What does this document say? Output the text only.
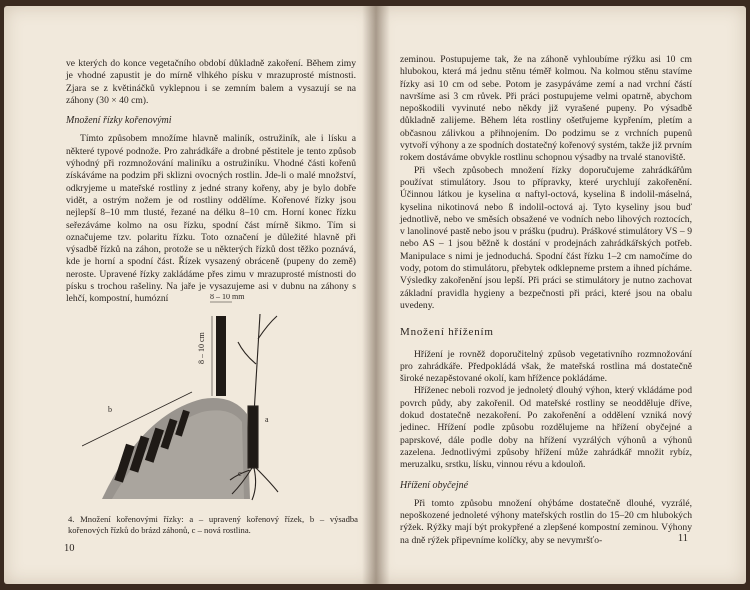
ve kterých do konce vegetačního období důkladně zakoření. Během zimy je vhodné zapustit je do mírně vlhkého písku v mrazuprosté místnosti. Zjara se z květináčků vyklepnou i se zemním balem a vysazují se na záhony (30 × 40 cm).

Množení řízky kořenovými

Tímto způsobem množíme hlavně maliník, ostružiník, ale i lísku a některé typové podnože. Pro zahrádkáře a drobné pěstitele je tento způsob výhodný při rozmnožování maliníku a ostružiníku. Vhodné části kořenů získáváme na podzim při sklizni ovocných rostlin. Jde-li o malé množství, odkryjeme u mateřské rostliny z jedné strany kořeny, aby je bylo dobře vidět, a ostrým nožem je od rostliny oddělíme. Kořenové řízky jsou nejlepší 8–10 mm tlusté, řezané na délku 8–10 cm. Horní konec řízku seřezáváme kolmo na osu řízku, spodní část mírně šikmo. Tím si označujeme tzv. polaritu řízku. Toto označení je důležité hlavně při výsadbě řízků na záhon, protože se u některých řízků dost těžko poznává, kde je horní a spodní část. Řízek vysazený obráceně (pupeny do země) neroste. Upravené řízky zakládáme přes zimu v mrazuprosté místnosti do písku s trochou rašeliny. Na jaře je vysazujeme asi v dubnu na záhony s lehčí, kompostní, humózní	8 – 10 mm
8 – 10 cm
a
b
c
4. Množení kořenovými řízky: a – upravený kořenový řízek, b – výsadba kořenových řízků do brázd záhonů, c – nová rostlina.
10

zeminou. Postupujeme tak, že na záhoně vyhloubíme rýžku asi 10 cm hlubokou, která má jednu stěnu téměř kolmou. Na kolmou stěnu stavíme řízky asi 10 cm od sebe. Potom je zasypáváme zemí a nad vrchní částí navršíme asi 3 cm růvek. Při práci postupujeme velmi opatrně, abychom nepoškodili vyvinuté nebo někdy již vyrašené pupeny. Po výsadbě důkladně zalijeme. Během léta rostliny ošetřujeme kypřením, pletím a občasnou zálivkou a přihnojením. Do podzimu se z vrchních pupenů vytvoří výhony a ze spodních dostatečný kořenový systém, takže již prvním rokem dostáváme obvykle rostlinu schopnou výsadby na trvalé stanoviště.

Při všech způsobech množení řízky doporučujeme zahrádkářům používat stimulátory. Jsou to přípravky, které urychlují zakořenění. Účinnou látkou je kyselina α naftyl-octová, kyselina ß indolil-máselná, kyselina nikotinová nebo ß indolil-octová aj. Tyto kyseliny jsou buď jednotlivě, nebo ve směsích obsažené ve vodních nebo lihových roztocích, v lanolinové pastě nebo jsou v prášku (pudru). Práškové stimulátory VS – 9 nebo AS – 1 jsou běžně k dostání v prodejnách zahrádkářských potřeb. Manipulace s nimi je jednoduchá. Spodní část řízku 1–2 cm namočíme do vody, potom do stimulátoru, přebytek odklepneme prstem a ihned pícháme. Výsledky zakořenění jsou lepší. Při práci se stimulátory je nutno zachovat základní pravidla hygieny a bezpečnosti při práci, které jsou na obalu uvedeny.

Množení hřížením

Hřížení je rovněž doporučitelný způsob vegetativního rozmnožování pro zahrádkáře. Předpokládá však, že mateřská rostlina má dostatečně široké nezapěstované okolí, kam hřížence pokládáme.

Hříženec neboli rozvod je jednoletý dlouhý výhon, který vkládáme pod povrch půdy, aby zakořenil. Od mateřské rostliny se neodděluje dříve, dokud dostatečně nezakoření. Po zakořenění a oddělení vzniká nový jedinec. Hřížení podle způsobu rozdělujeme na hřížení obyčejné a paprskové, dále podle doby na hřížení vyzrálých výhonů a výhonů zazelena. Jednotlivými způsoby hřížení může zahrádkář množit rybíz, meruzalku, srstku, lísku, vinnou révu a kdouloň.

Hřížení obyčejné

Při tomto způsobu množení ohýbáme dostatečně dlouhé, vyzrálé, nepoškozené jednoleté výhony mateřských rostlin do 15–20 cm hlubokých rýžek. Rýžky mají být prokypřené a zlepšené kompostní zeminou. Výhony na dně rýžek připevníme kolíčky, aby se nevymršťo-	11
